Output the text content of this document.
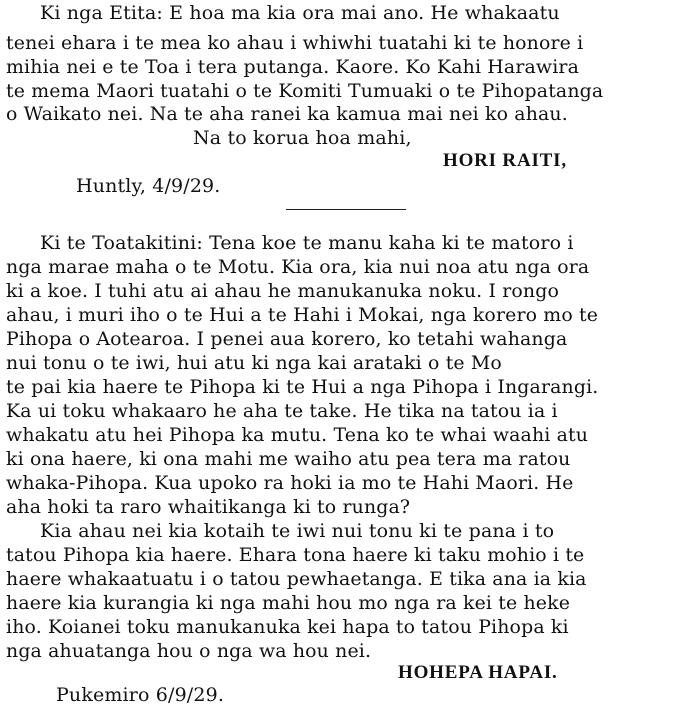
Ki nga Etita: E hoa ma kia ora mai ano. He whakaatu
tenei ehara i te mea ko ahau i whiwhi tuatahi ki te honore i
mihia nei e te Toa i tera putanga. Kaore. Ko Kahi Harawira
te mema Maori tuatahi o te Komiti Tumuaki o te Pihopatanga
o Waikato nei. Na te aha ranei ka kamua mai nei ko ahau.
Na to korua hoa mahi,
HORI RAITI,
Huntly, 4/9/29.
Ki te Toatakitini: Tena koe te manu kaha ki te matoro i
nga marae maha o te Motu. Kia ora, kia nui noa atu nga ora
ki a koe. I tuhi atu ai ahau he manukanuka noku. I rongo
ahau, i muri iho o te Hui a te Hahi i Mokai, nga korero mo te
Pihopa o Aotearoa. I penei aua korero, ko tetahi wahanga
nui tonu o te iwi, hui atu ki nga kai arataki o te Mo
te pai kia haere te Pihopa ki te Hui a nga Pihopa i Ingarangi.
Ka ui toku whakaaro he aha te take. He tika na tatou ia i
whakatu atu hei Pihopa ka mutu. Tena ko te whai waahi atu
ki ona haere, ki ona mahi me waiho atu pea tera ma ratou
whaka-Pihopa. Kua upoko ra hoki ia mo te Hahi Maori. He
aha hoki ta raro whaitikanga ki to runga?
Kia ahau nei kia kotaih te iwi nui tonu ki te pana i to
tatou Pihopa kia haere. Ehara tona haere ki taku mohio i te
haere whakaatuatu i o tatou pewhaetanga. E tika ana ia kia
haere kia kurangia ki nga mahi hou mo nga ra kei te heke
iho. Koianei toku manukanuka kei hapa to tatou Pihopa ki
nga ahuatanga hou o nga wa hou nei.
HOHEPA HAPAI.
Pukemiro 6/9/29.
